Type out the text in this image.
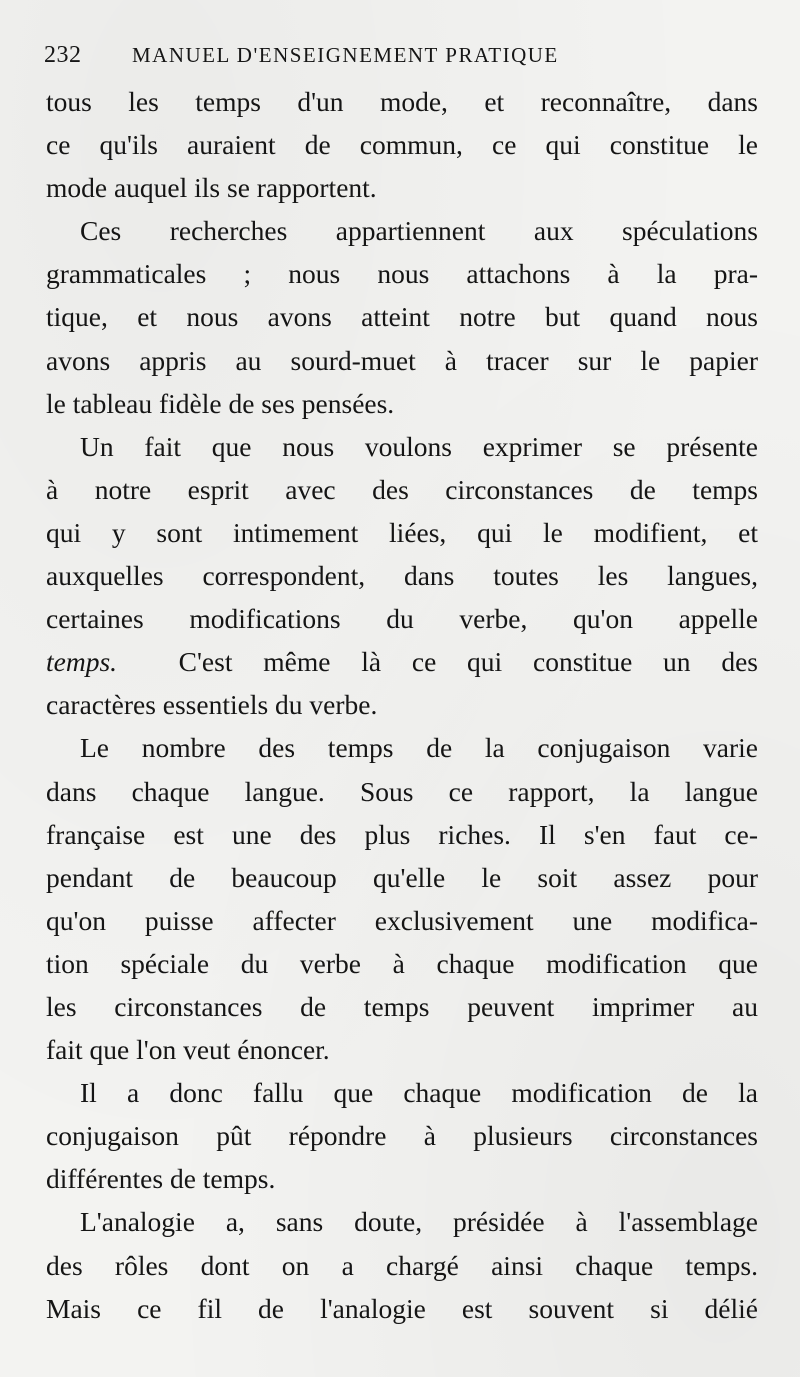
232 MANUEL D'ENSEIGNEMENT PRATIQUE
tous les temps d'un mode, et reconnaître, dans
ce qu'ils auraient de commun, ce qui constitue le
mode auquel ils se rapportent.
Ces recherches appartiennent aux spéculations
grammaticales ; nous nous attachons à la pra-
tique, et nous avons atteint notre but quand nous
avons appris au sourd-muet à tracer sur le papier
le tableau fidèle de ses pensées.
Un fait que nous voulons exprimer se présente
à notre esprit avec des circonstances de temps
qui y sont intimement liées, qui le modifient, et
auxquelles correspondent, dans toutes les langues,
certaines modifications du verbe, qu'on appelle
temps. C'est même là ce qui constitue un des
caractères essentiels du verbe.
Le nombre des temps de la conjugaison varie
dans chaque langue. Sous ce rapport, la langue
française est une des plus riches. Il s'en faut ce-
pendant de beaucoup qu'elle le soit assez pour
qu'on puisse affecter exclusivement une modifica-
tion spéciale du verbe à chaque modification que
les circonstances de temps peuvent imprimer au
fait que l'on veut énoncer.
Il a donc fallu que chaque modification de la
conjugaison pût répondre à plusieurs circonstances
différentes de temps.
L'analogie a, sans doute, présidée à l'assemblage
des rôles dont on a chargé ainsi chaque temps.
Mais ce fil de l'analogie est souvent si délié
